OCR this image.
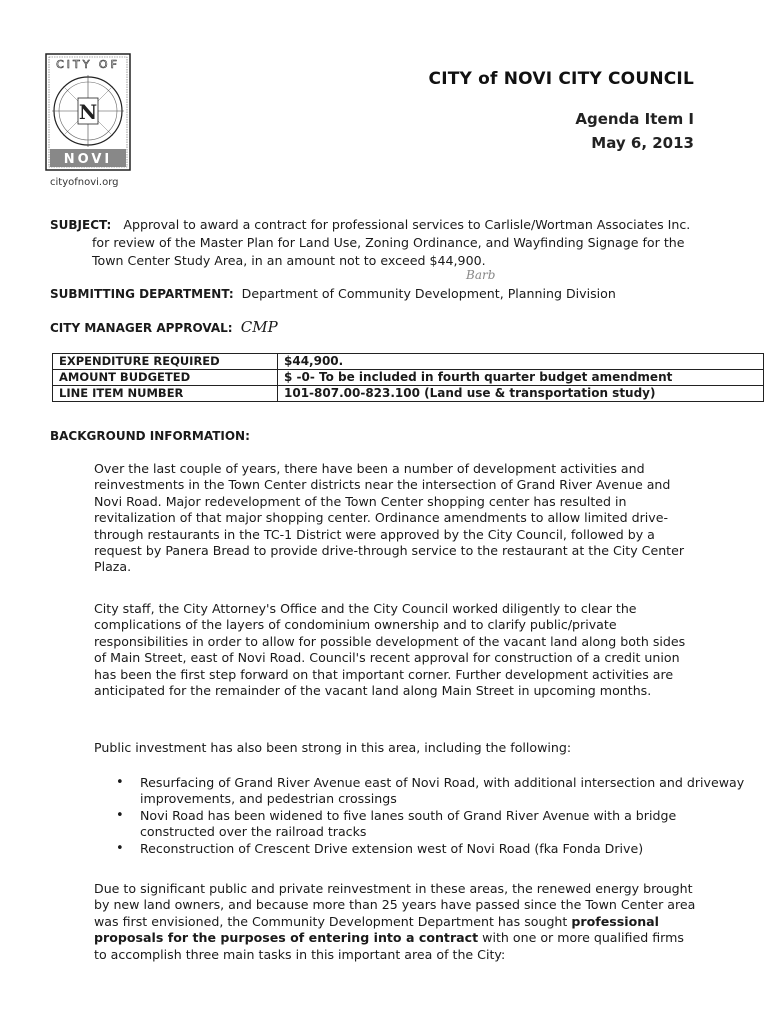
CITY OF
N
NOVI
cityofnovi.org
CITY of NOVI CITY COUNCIL
Agenda Item I
May 6, 2013
SUBJECT: Approval to award a contract for professional services to Carlisle/Wortman Associates Inc. for review of the Master Plan for Land Use, Zoning Ordinance, and Wayfinding Signage for the Town Center Study Area, in an amount not to exceed $44,900.
Barb
SUBMITTING DEPARTMENT: Department of Community Development, Planning Division
CITY MANAGER APPROVAL: CMP
EXPENDITURE REQUIRED	$44,900.
AMOUNT BUDGETED	$ -0- To be included in fourth quarter budget amendment
LINE ITEM NUMBER	101-807.00-823.100 (Land use & transportation study)
BACKGROUND INFORMATION:

Over the last couple of years, there have been a number of development activities and reinvestments in the Town Center districts near the intersection of Grand River Avenue and Novi Road. Major redevelopment of the Town Center shopping center has resulted in revitalization of that major shopping center. Ordinance amendments to allow limited drive-through restaurants in the TC-1 District were approved by the City Council, followed by a request by Panera Bread to provide drive-through service to the restaurant at the City Center Plaza.

City staff, the City Attorney's Office and the City Council worked diligently to clear the complications of the layers of condominium ownership and to clarify public/private responsibilities in order to allow for possible development of the vacant land along both sides of Main Street, east of Novi Road. Council's recent approval for construction of a credit union has been the first step forward on that important corner. Further development activities are anticipated for the remainder of the vacant land along Main Street in upcoming months.

Public investment has also been strong in this area, including the following:

• Resurfacing of Grand River Avenue east of Novi Road, with additional intersection and driveway improvements, and pedestrian crossings
• Novi Road has been widened to five lanes south of Grand River Avenue with a bridge constructed over the railroad tracks
• Reconstruction of Crescent Drive extension west of Novi Road (fka Fonda Drive)

Due to significant public and private reinvestment in these areas, the renewed energy brought by new land owners, and because more than 25 years have passed since the Town Center area was first envisioned, the Community Development Department has sought professional proposals for the purposes of entering into a contract with one or more qualified firms to accomplish three main tasks in this important area of the City:
